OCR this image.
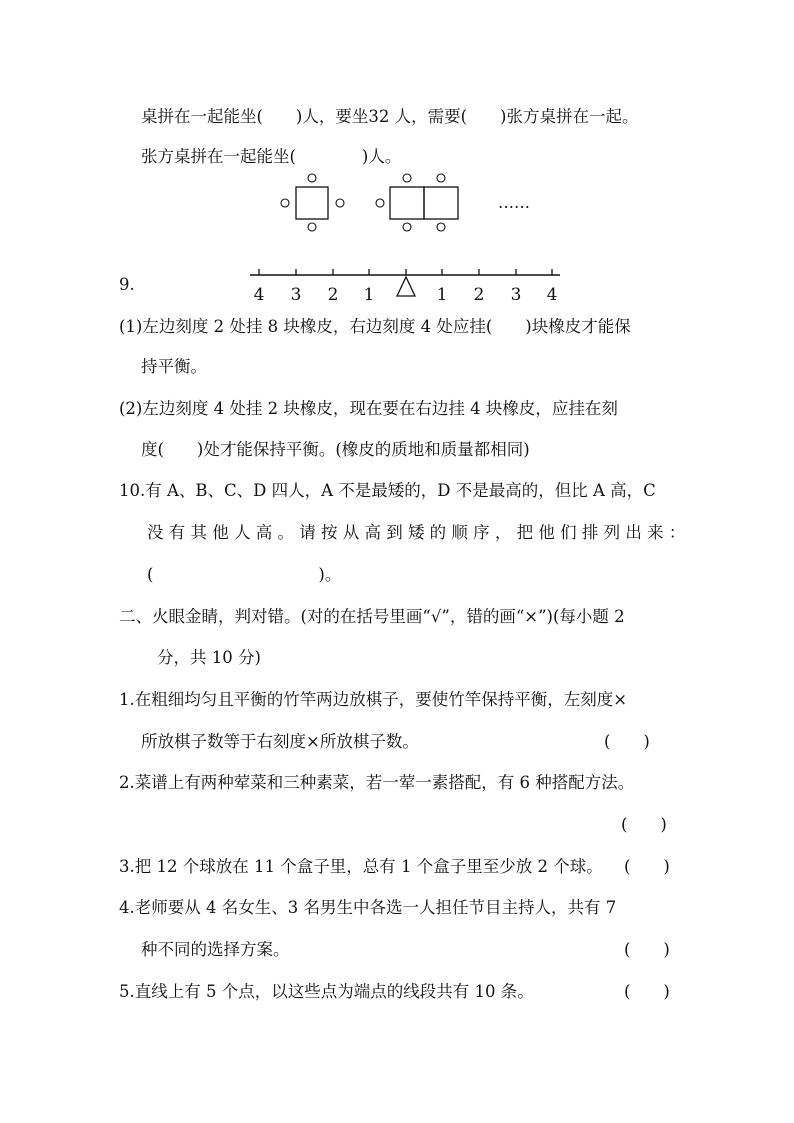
桌拼在一起能坐(　　)人，要坐32 人，需要(　　)张方桌拼在一起。
张方桌拼在一起能坐(　　　　)人。
……
9.
4 3 2 1	1 2 3 4
(1)左边刻度 2 处挂 8 块橡皮，右边刻度 4 处应挂(　　)块橡皮才能保
持平衡。
(2)左边刻度 4 处挂 2 块橡皮，现在要在右边挂 4 块橡皮，应挂在刻
度(　　)处才能保持平衡。(橡皮的质地和质量都相同)
10.有 A、B、C、D 四人，A 不是最矮的，D 不是最高的，但比 A 高，C
没 有 其 他 人 高 。 请 按 从 高 到 矮 的 顺 序 ， 把 他 们 排 列 出 来 ：
(　　　　　　　　　　)。
二、火眼金睛，判对错。(对的在括号里画“√”，错的画“×”)(每小题 2
分，共 10 分)
1.在粗细均匀且平衡的竹竿两边放棋子，要使竹竿保持平衡，左刻度×
所放棋子数等于右刻度×所放棋子数。	(　　)
2.菜谱上有两种荤菜和三种素菜，若一荤一素搭配，有 6 种搭配方法。
(　　)
3.把 12 个球放在 11 个盒子里，总有 1 个盒子里至少放 2 个球。 (　　)
4.老师要从 4 名女生、3 名男生中各选一人担任节目主持人，共有 7
种不同的选择方案。	(　　)
5.直线上有 5 个点，以这些点为端点的线段共有 10 条。	(　　)
